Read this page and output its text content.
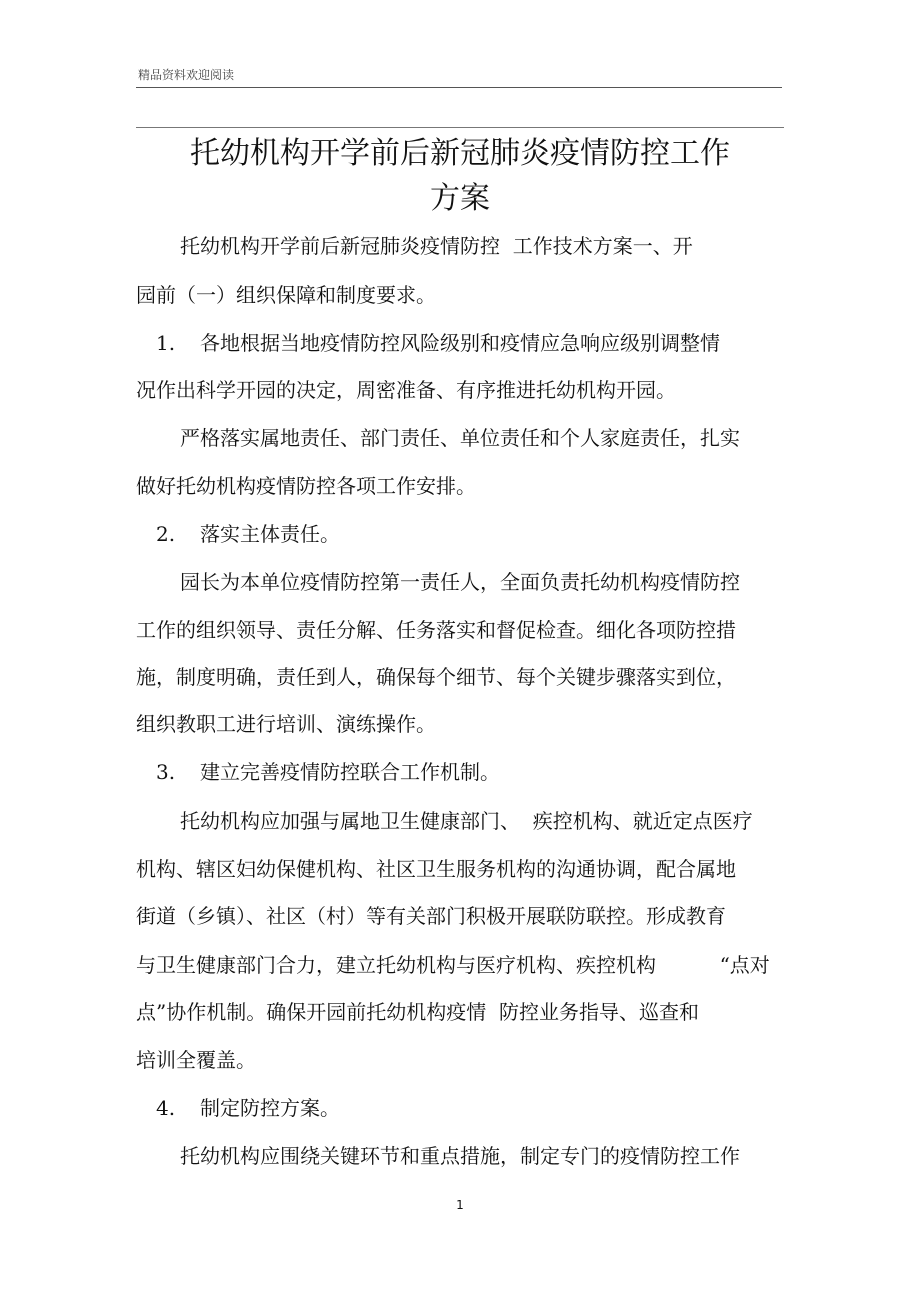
精品资料欢迎阅读
托幼机构开学前后新冠肺炎疫情防控工作
方案
托幼机构开学前后新冠肺炎疫情防控  工作技术方案一、开
园前（一）组织保障和制度要求。
1. 各地根据当地疫情防控风险级别和疫情应急响应级别调整情
况作出科学开园的决定，周密准备、有序推进托幼机构开园。
严格落实属地责任、部门责任、单位责任和个人家庭责任，扎实
做好托幼机构疫情防控各项工作安排。
2. 落实主体责任。
园长为本单位疫情防控第一责任人，全面负责托幼机构疫情防控
工作的组织领导、责任分解、任务落实和督促检查。细化各项防控措
施，制度明确，责任到人，确保每个细节、每个关键步骤落实到位，
组织教职工进行培训、演练操作。
3. 建立完善疫情防控联合工作机制。
托幼机构应加强与属地卫生健康部门、  疾控机构、就近定点医疗
机构、辖区妇幼保健机构、社区卫生服务机构的沟通协调，配合属地
街道（乡镇）、社区（村）等有关部门积极开展联防联控。形成教育
与卫生健康部门合力，建立托幼机构与医疗机构、疾控机构          “点对
点”协作机制。确保开园前托幼机构疫情  防控业务指导、巡查和
培训全覆盖。
4. 制定防控方案。
托幼机构应围绕关键环节和重点措施，制定专门的疫情防控工作
1
